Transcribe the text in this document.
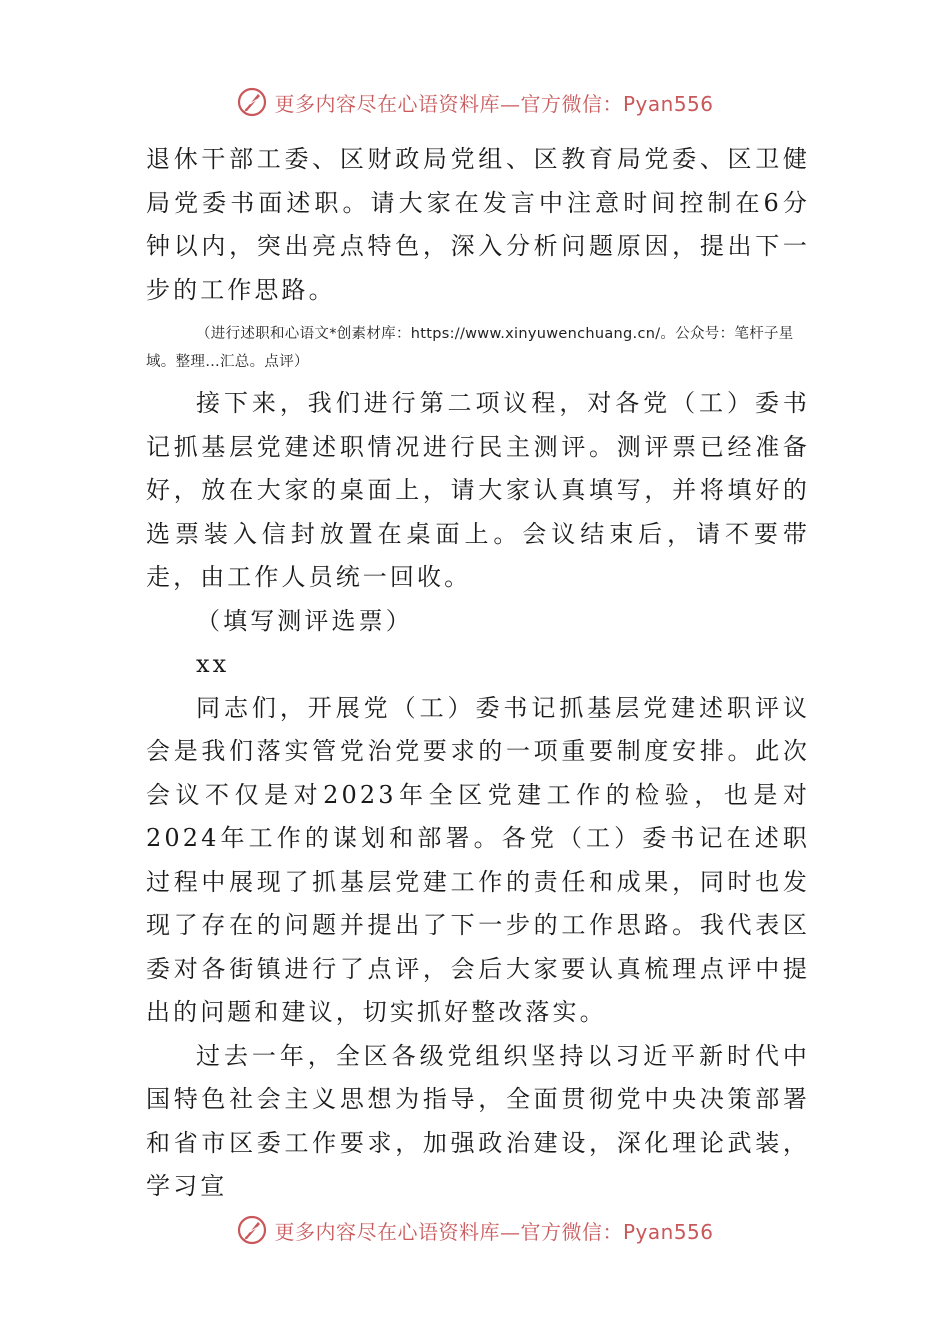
更多内容尽在心语资料库—官方微信：Pyan556

退休干部工委、区财政局党组、区教育局党委、区卫健局党委书面述职。请大家在发言中注意时间控制在6分钟以内，突出亮点特色，深入分析问题原因，提出下一步的工作思路。

（进行述职和心语文*创素材库：https://www.xinyuwenchuang.cn/。公众号：笔杆子星域。整理…汇总。点评）

接下来，我们进行第二项议程，对各党（工）委书记抓基层党建述职情况进行民主测评。测评票已经准备好，放在大家的桌面上，请大家认真填写，并将填好的选票装入信封放置在桌面上。会议结束后，请不要带走，由工作人员统一回收。

（填写测评选票）

xx

同志们，开展党（工）委书记抓基层党建述职评议会是我们落实管党治党要求的一项重要制度安排。此次会议不仅是对2023年全区党建工作的检验，也是对2024年工作的谋划和部署。各党（工）委书记在述职过程中展现了抓基层党建工作的责任和成果，同时也发现了存在的问题并提出了下一步的工作思路。我代表区委对各街镇进行了点评，会后大家要认真梳理点评中提出的问题和建议，切实抓好整改落实。

过去一年，全区各级党组织坚持以习近平新时代中国特色社会主义思想为指导，全面贯彻党中央决策部署和省市区委工作要求，加强政治建设，深化理论武装，学习宣

更多内容尽在心语资料库—官方微信：Pyan556
